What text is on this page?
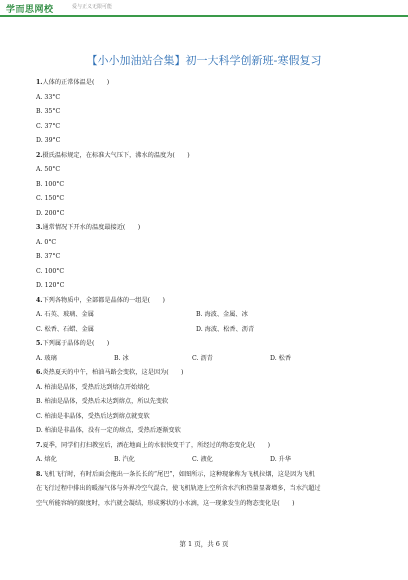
学而思网校	爱与正义无限可能
【小小加油站合集】初一大科学创新班-寒假复习
1.人体的正常体温是(　　)
A. 33°C
B. 35°C
C. 37°C
D. 39°C
2.摄氏温标规定，在标准大气压下，沸水的温度为(　　)
A. 50°C
B. 100°C
C. 150°C
D. 200°C
3.通常情况下开水的温度最接近(　　)
A. 0°C
B. 37°C
C. 100°C
D. 120°C
4.下列各物质中，全部都是晶体的一组是(　　)
A. 石英、玻璃、金属	B. 海波、金属、冰
C. 松香、石蜡、金属	D. 海波、松香、沥青
5.下列属于晶体的是(　　)
A. 玻璃	B. 冰	C. 沥青	D. 松香
6.炎热夏天的中午，柏油马路会变软，这是因为(　　)
A. 柏油是晶体，受热后达到熔点开始熔化
B. 柏油是晶体，受热后未达到熔点，所以先变软
C. 柏油是非晶体，受热后达到熔点就变软
D. 柏油是非晶体，没有一定的熔点，受热后逐渐变软
7.夏季，同学们打扫教室后，洒在地面上的水很快变干了，所经过的物态变化是(　　)
A. 熔化	B. 汽化	C. 液化	D. 升华
8.飞机飞行时，有时后面会拖出一条长长的“尾巴”，如图所示，这种现象称为飞机拉烟，这是因为飞机
在飞行过程中排出的暖湿气体与外界冷空气混合，使飞机轨迹上空所含水汽和热量显著增多，当水汽超过
空气所能容纳的限度时，水汽就会凝结，形成雾状的小水滴，这一现象发生的物态变化是(　　)
第 1 页，共 6 页
